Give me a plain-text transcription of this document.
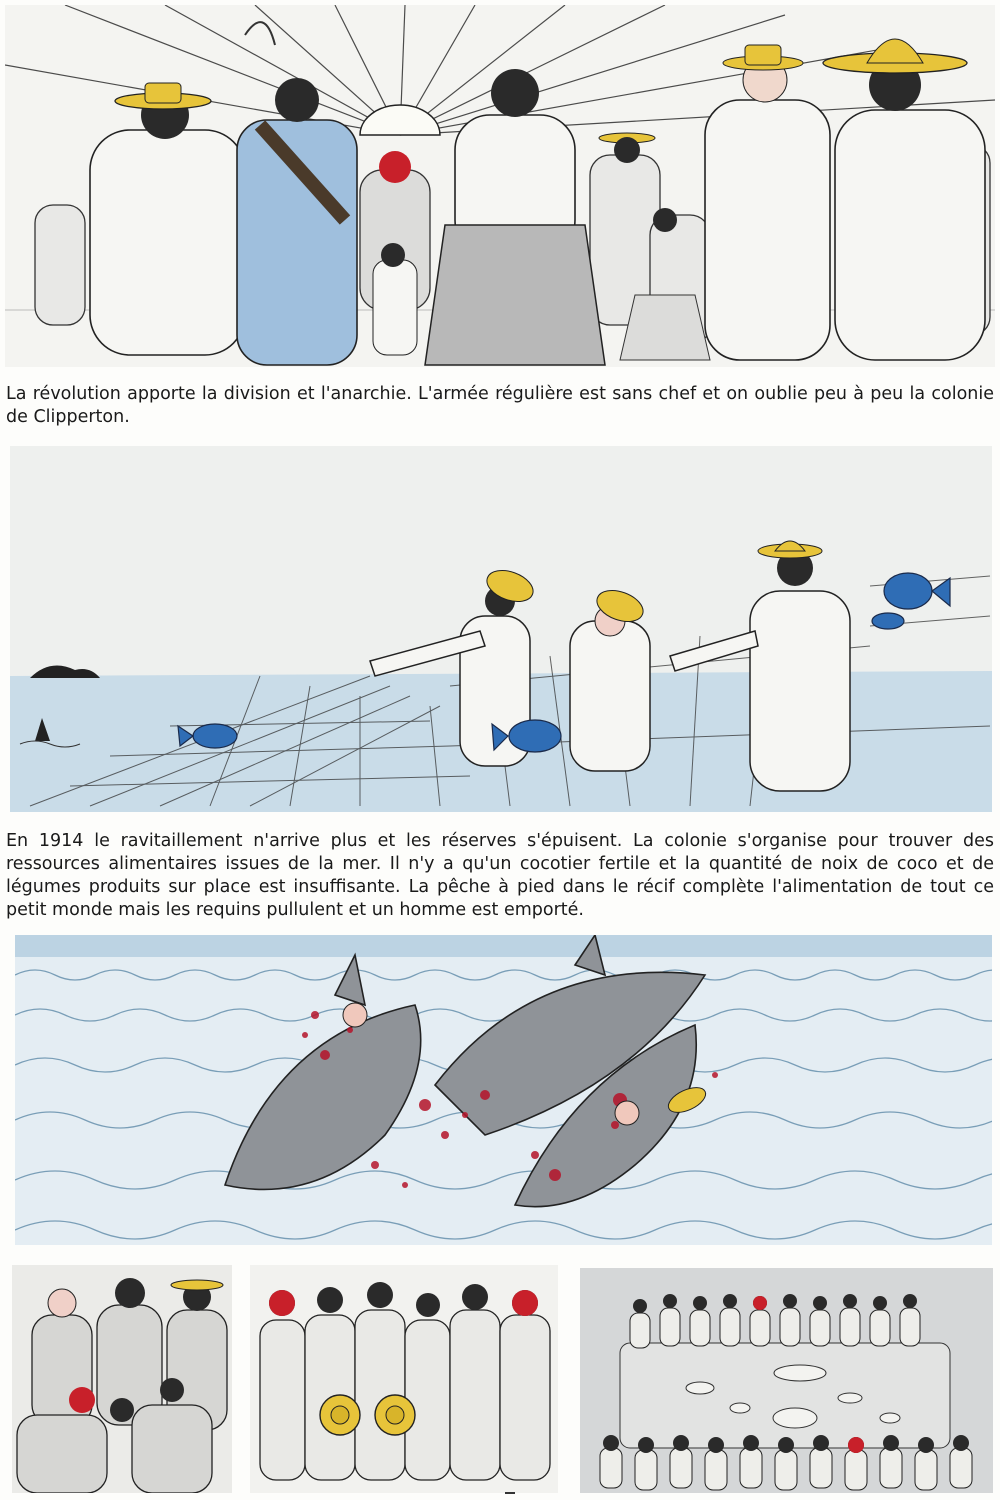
La révolution apporte la division et l'anarchie. L'armée régulière est sans chef et on oublie peu à peu la colonie de Clipperton.

En 1914 le ravitaillement n'arrive plus et les réserves s'épuisent. La colonie s'organise pour trouver des ressources alimentaires issues de la mer. Il n'y a qu'un cocotier fertile et la quantité de noix de coco et de légumes produits sur place est insuffisante. La pêche à pied dans le récif complète l'alimentation de tout ce petit monde mais les requins pullulent et un homme est emporté.
